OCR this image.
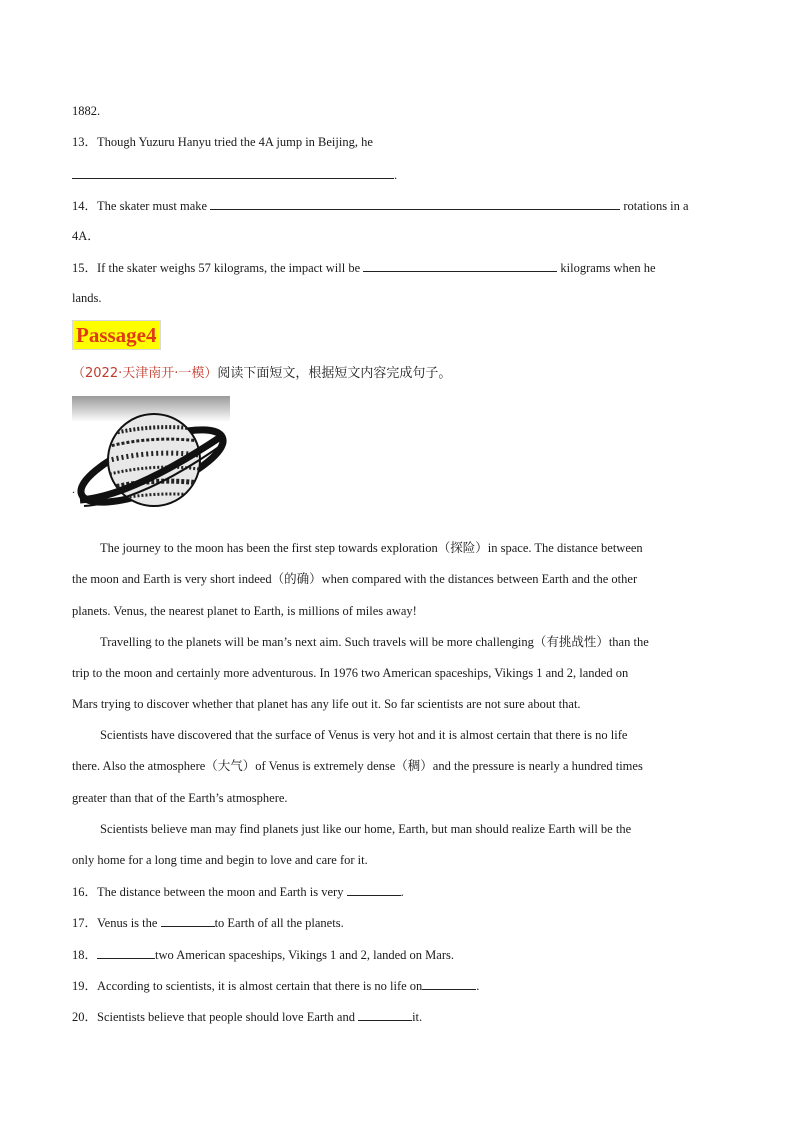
1882.
13．Though Yuzuru Hanyu tried the 4A jump in Beijing, he
.
14．The skater must make	rotations in a
4A．
15．If the skater weighs 57 kilograms, the impact will be	kilograms when he
lands.
Passage4
（2022·天津南开·一模）阅读下面短文，根据短文内容完成句子。
.
The journey to the moon has been the first step towards exploration（探险）in space. The distance between
the moon and Earth is very short indeed（的确）when compared with the distances between Earth and the other
planets. Venus, the nearest planet to Earth, is millions of miles away!
Travelling to the planets will be man’s next aim. Such travels will be more challenging（有挑战性）than the
trip to the moon and certainly more adventurous. In 1976 two American spaceships, Vikings 1 and 2, landed on
Mars trying to discover whether that planet has any life out it. So far scientists are not sure about that.
Scientists have discovered that the surface of Venus is very hot and it is almost certain that there is no life
there. Also the atmosphere（大气）of Venus is extremely dense（稠）and the pressure is nearly a hundred times
greater than that of the Earth’s atmosphere.
Scientists believe man may find planets just like our home, Earth, but man should realize Earth will be the
only home for a long time and begin to love and care for it.
16．The distance between the moon and Earth is very	.
17．Venus is the	to Earth of all the planets.
18．	two American spaceships, Vikings 1 and 2, landed on Mars.
19．According to scientists, it is almost certain that there is no life on	.
20．Scientists believe that people should love Earth and	it.
